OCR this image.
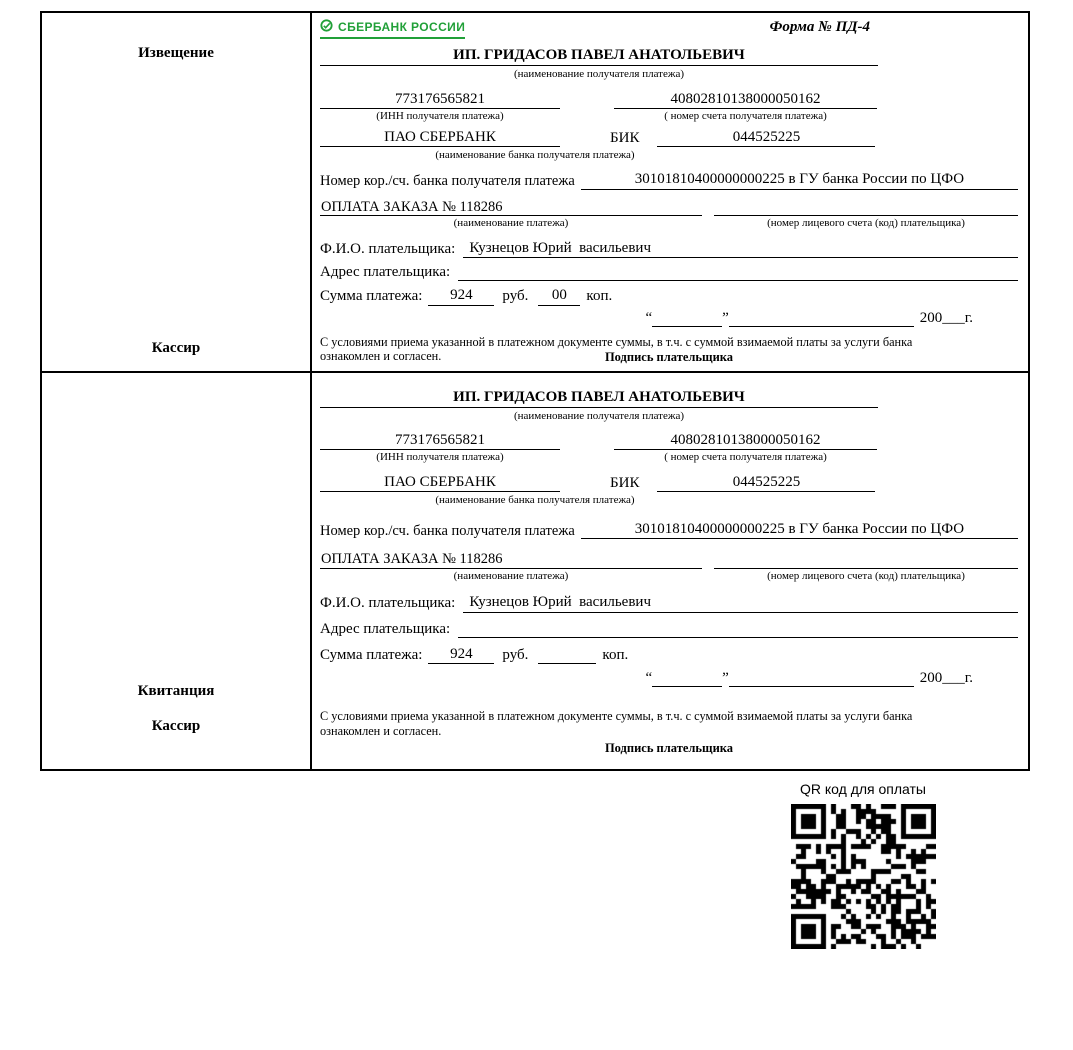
Извещение
Кассир
СБЕРБАНК РОССИИ	Форма № ПД-4
ИП. ГРИДАСОВ ПАВЕЛ АНАТОЛЬЕВИЧ
(наименование получателя платежа)
773176565821	40802810138000050162
(ИНН получателя платежа)	( номер счета получателя платежа)
ПАО СБЕРБАНК	БИК	044525225
(наименование банка получателя платежа)
Номер кор./сч. банка получателя платежа	30101810400000000225 в ГУ банка России по ЦФО
ОПЛАТА ЗАКАЗА № 118286
(наименование платежа)	(номер лицевого счета (код) плательщика)
Ф.И.О. плательщика: Кузнецов Юрий  васильевич
Адрес плательщика:
Сумма платежа:	924	руб.	00	коп.
“	”	200___г.
С условиями приема указанной в платежном документе суммы, в т.ч. с суммой взимаемой платы за услуги банка ознакомлен и согласен.	Подпись плательщика
Квитанция
Кассир
ИП. ГРИДАСОВ ПАВЕЛ АНАТОЛЬЕВИЧ
(наименование получателя платежа)
773176565821	40802810138000050162
(ИНН получателя платежа)	( номер счета получателя платежа)
ПАО СБЕРБАНК	БИК	044525225
(наименование банка получателя платежа)
Номер кор./сч. банка получателя платежа	30101810400000000225 в ГУ банка России по ЦФО
ОПЛАТА ЗАКАЗА № 118286
(наименование платежа)	(номер лицевого счета (код) плательщика)
Ф.И.О. плательщика: Кузнецов Юрий  васильевич
Адрес плательщика:
Сумма платежа:	924	руб.	коп.
“	”	200___г.
С условиями приема указанной в платежном документе суммы, в т.ч. с суммой взимаемой платы за услуги банка ознакомлен и согласен.
Подпись плательщика
QR код для оплаты
